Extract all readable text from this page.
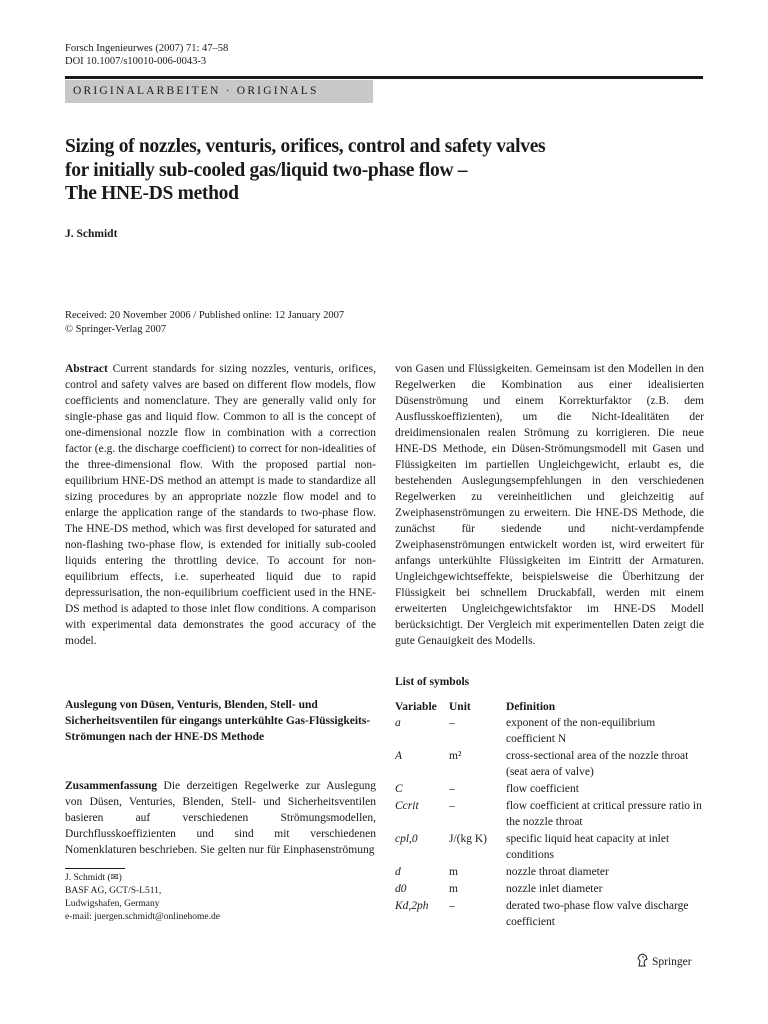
Forsch Ingenieurwes (2007) 71: 47–58
DOI 10.1007/s10010-006-0043-3
ORIGINALARBEITEN · ORIGINALS
Sizing of nozzles, venturis, orifices, control and safety valves
for initially sub-cooled gas/liquid two-phase flow –
The HNE-DS method
J. Schmidt
Received: 20 November 2006 / Published online: 12 January 2007
© Springer-Verlag 2007
Abstract Current standards for sizing nozzles, venturis, orifices, control and safety valves are based on different flow models, flow coefficients and nomenclature. They are generally valid only for single-phase gas and liquid flow. Common to all is the concept of one-dimensional nozzle flow in combination with a correction factor (e.g. the discharge coefficient) to correct for non-idealities of the three-dimensional flow. With the proposed partial non-equilibrium HNE-DS method an attempt is made to standardize all sizing procedures by an appropriate nozzle flow model and to enlarge the application range of the standards to two-phase flow. The HNE-DS method, which was first developed for saturated and non-flashing two-phase flow, is extended for initially sub-cooled liquids entering the throttling device. To account for non-equilibrium effects, i.e. superheated liquid due to rapid depressurisation, the non-equilibrium coefficient used in the HNE-DS method is adapted to those inlet flow conditions. A comparison with experimental data demonstrates the good accuracy of the model.
Auslegung von Düsen, Venturis, Blenden, Stell- und Sicherheitsventilen für eingangs unterkühlte Gas-Flüssigkeits-Strömungen nach der HNE-DS Methode
Zusammenfassung Die derzeitigen Regelwerke zur Auslegung von Düsen, Venturies, Blenden, Stell- und Sicherheitsventilen basieren auf verschiedenen Strömungsmodellen, Durchflusskoeffizienten und sind mit verschiedenen Nomenklaturen beschrieben. Sie gelten nur für Einphasenströmung
J. Schmidt (✉)
BASF AG, GCT/S-L511,
Ludwigshafen, Germany
e-mail: juergen.schmidt@onlinehome.de
von Gasen und Flüssigkeiten. Gemeinsam ist den Modellen in den Regelwerken die Kombination aus einer idealisierten Düsenströmung und einem Korrekturfaktor (z.B. dem Ausflusskoeffizienten), um die Nicht-Idealitäten der dreidimensionalen realen Strömung zu korrigieren. Die neue HNE-DS Methode, ein Düsen-Strömungsmodell mit Gasen und Flüssigkeiten im partiellen Ungleichgewicht, erlaubt es, die bestehenden Auslegungsempfehlungen in den verschiedenen Regelwerken zu vereinheitlichen und gleichzeitig auf Zweiphasenströmungen zu erweitern. Die HNE-DS Methode, die zunächst für siedende und nicht-verdampfende Zweiphasenströmungen entwickelt worden ist, wird erweitert für anfangs unterkühlte Flüssigkeiten im Eintritt der Armaturen. Ungleichgewichtseffekte, beispielsweise die Überhitzung der Flüssigkeit bei schnellem Druckabfall, werden mit einem erweiterten Ungleichgewichtsfaktor im HNE-DS Modell berücksichtigt. Der Vergleich mit experimentellen Daten zeigt die gute Genauigkeit des Modells.
List of symbols
Variable	Unit	Definition
a	–	exponent of the non-equilibrium coefficient N
A	m²	cross-sectional area of the nozzle throat (seat aera of valve)
C	–	flow coefficient
Ccrit	–	flow coefficient at critical pressure ratio in the nozzle throat
cpl,0	J/(kg K)	specific liquid heat capacity at inlet conditions
d	m	nozzle throat diameter
d0	m	nozzle inlet diameter
Kd,2ph	–	derated two-phase flow valve discharge coefficient
Springer
